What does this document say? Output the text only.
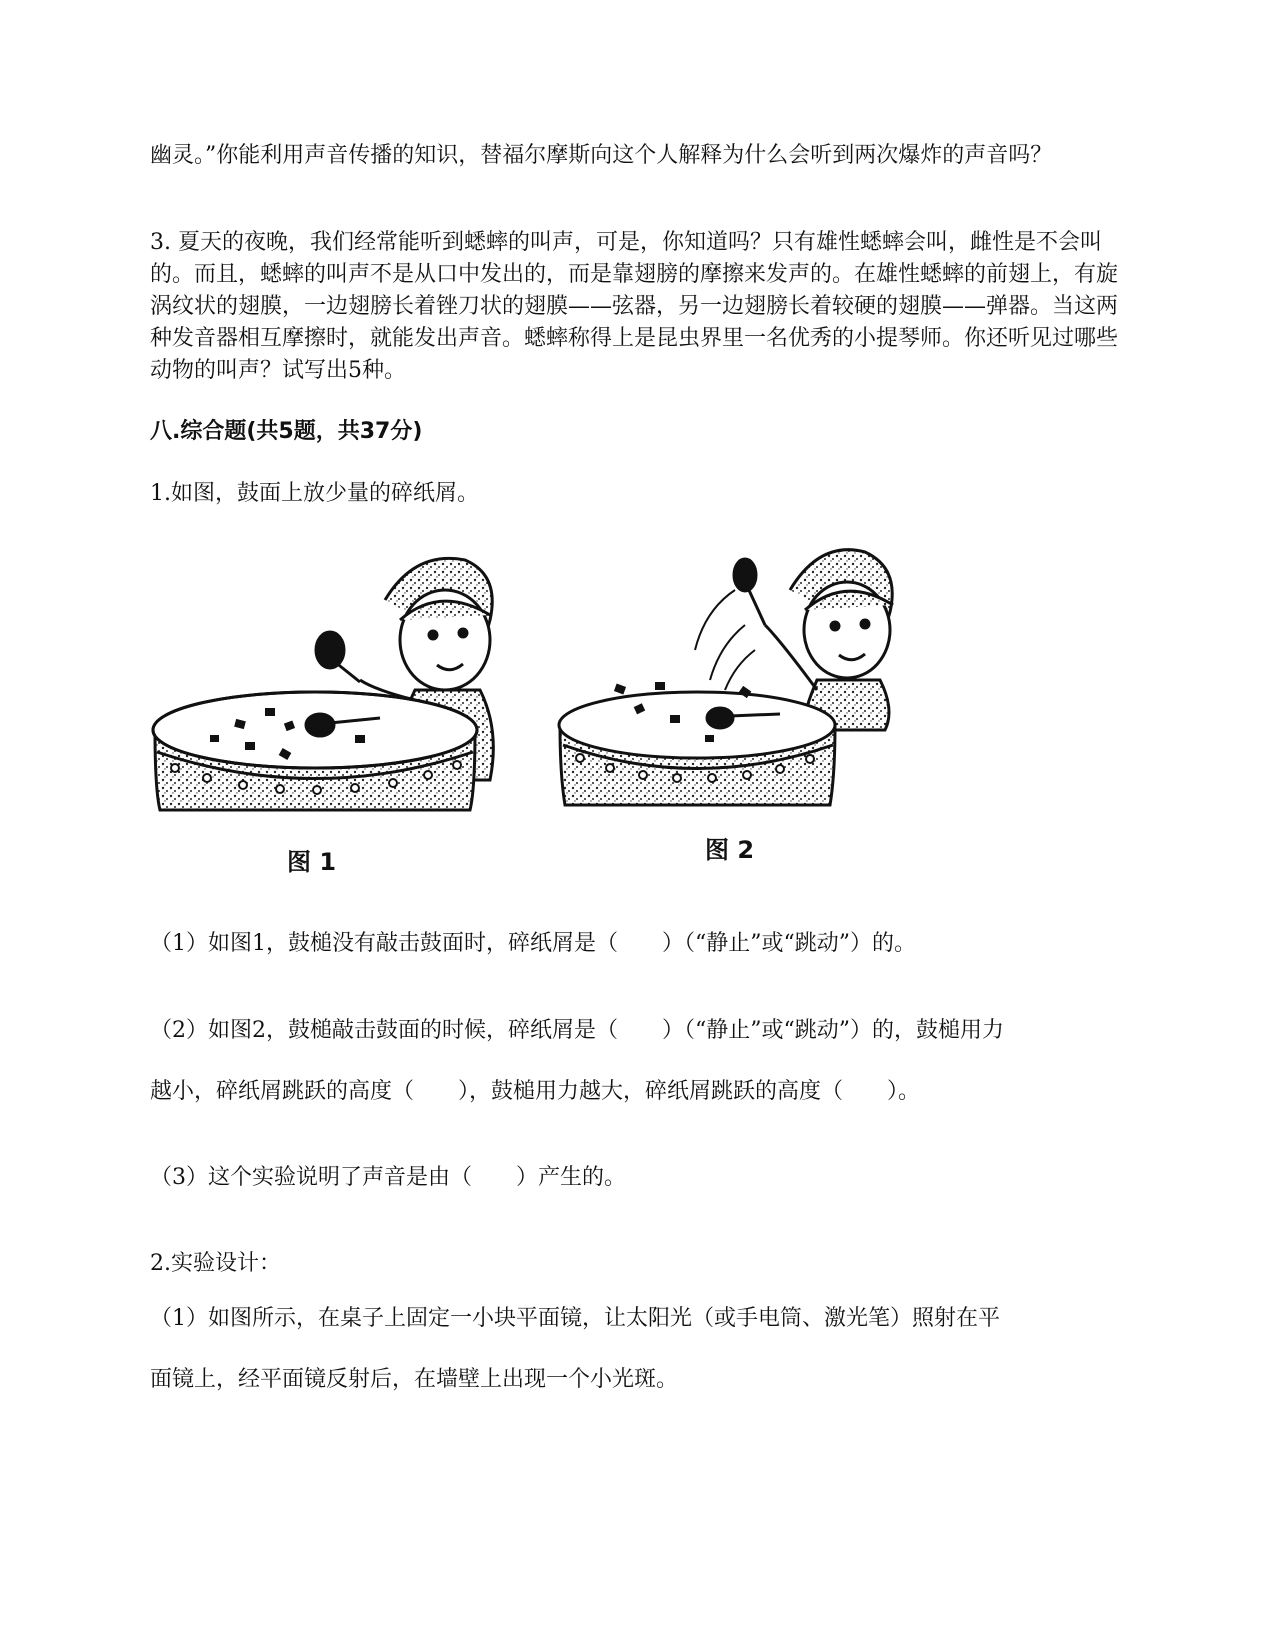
幽灵。”你能利用声音传播的知识，替福尔摩斯向这个人解释为什么会听到两次爆炸的声音吗？

3. 夏天的夜晚，我们经常能听到蟋蟀的叫声，可是，你知道吗？只有雄性蟋蟀会叫，雌性是不会叫的。而且，蟋蟀的叫声不是从口中发出的，而是靠翅膀的摩擦来发声的。在雄性蟋蟀的前翅上，有旋涡纹状的翅膜，一边翅膀长着锉刀状的翅膜——弦器，另一边翅膀长着较硬的翅膜——弹器。当这两种发音器相互摩擦时，就能发出声音。蟋蟀称得上是昆虫界里一名优秀的小提琴师。你还听见过哪些动物的叫声？试写出5种。

八.综合题(共5题，共37分)

1.如图，鼓面上放少量的碎纸屑。

图 1	图 2

（1）如图1，鼓槌没有敲击鼓面时，碎纸屑是（　　）（“静止”或“跳动”）的。

（2）如图2，鼓槌敲击鼓面的时候，碎纸屑是（　　）（“静止”或“跳动”）的，鼓槌用力

越小，碎纸屑跳跃的高度（　　），鼓槌用力越大，碎纸屑跳跃的高度（　　）。

（3）这个实验说明了声音是由（　　）产生的。

2.实验设计：

（1）如图所示，在桌子上固定一小块平面镜，让太阳光（或手电筒、激光笔）照射在平

面镜上，经平面镜反射后，在墙壁上出现一个小光斑。
